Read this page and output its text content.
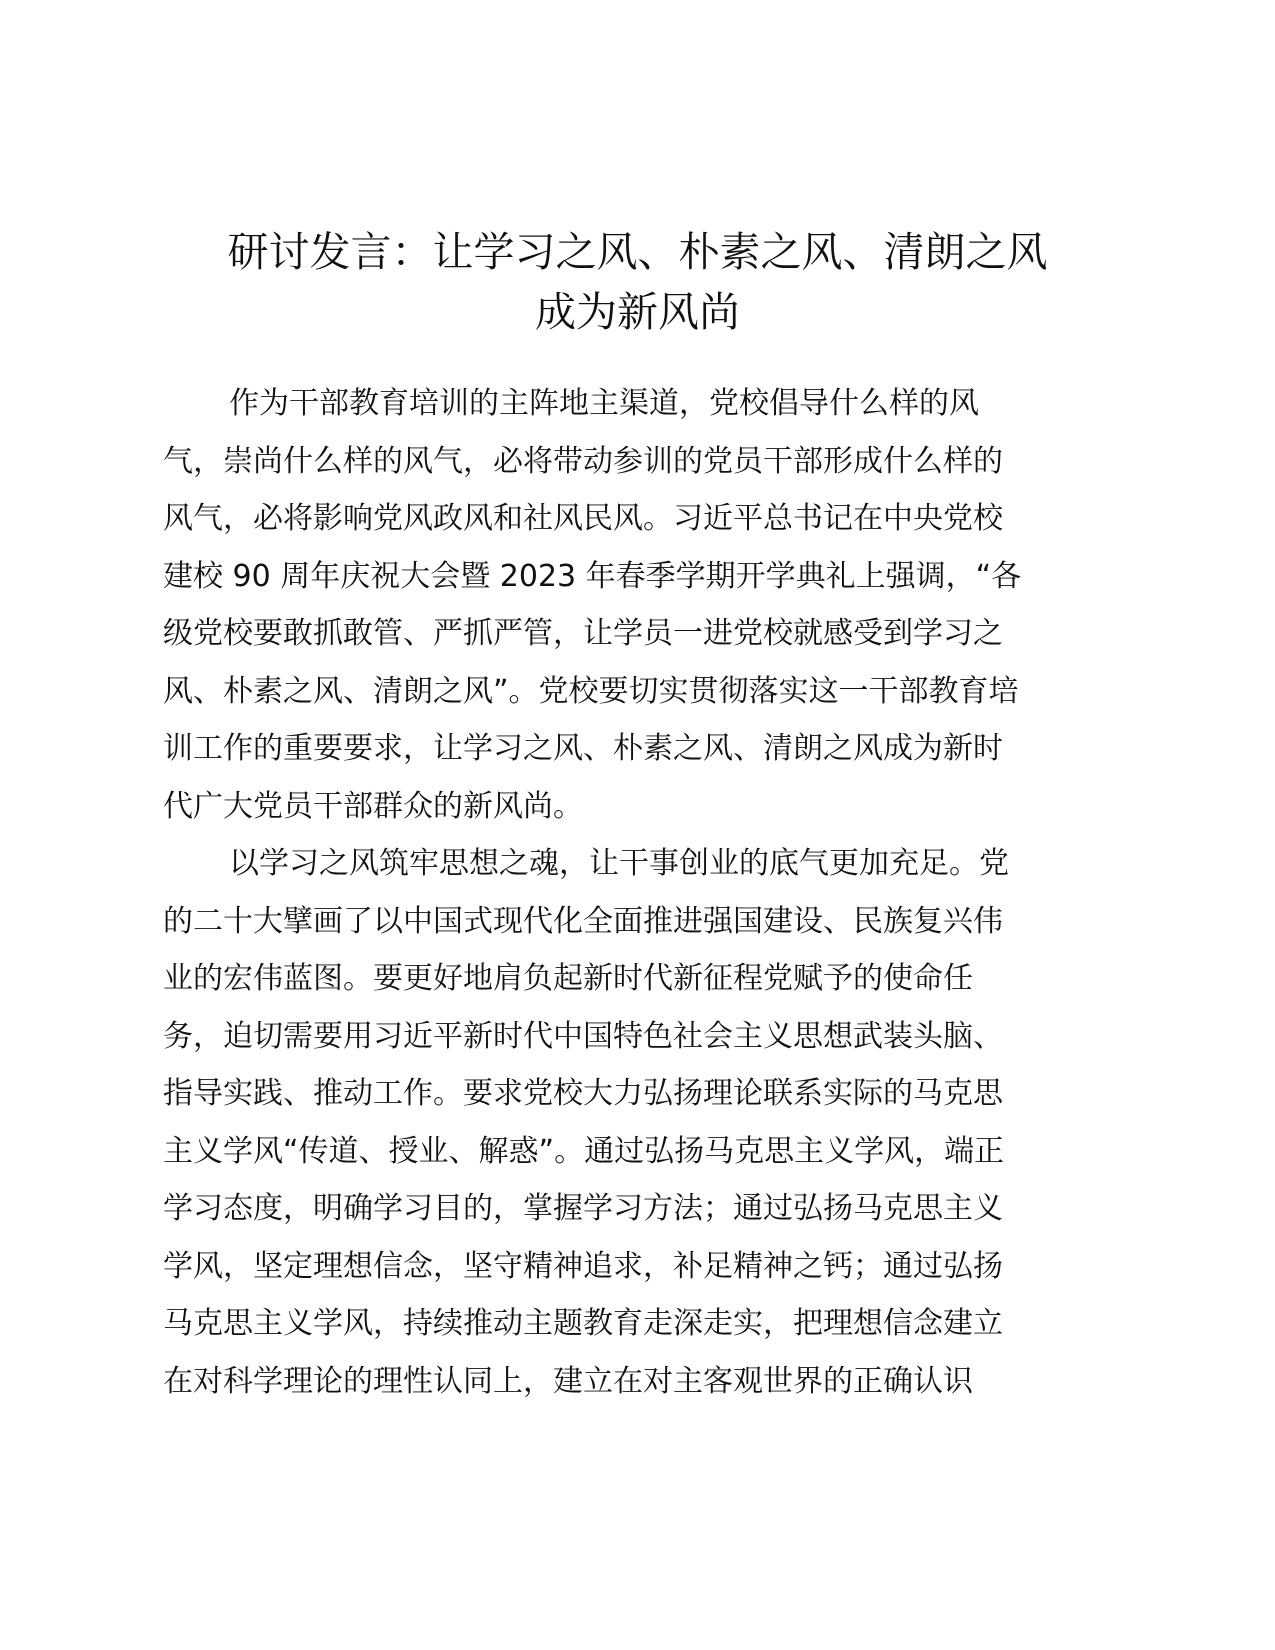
研讨发言：让学习之风、朴素之风、清朗之风
成为新风尚
作为干部教育培训的主阵地主渠道，党校倡导什么样的风
气，崇尚什么样的风气，必将带动参训的党员干部形成什么样的
风气，必将影响党风政风和社风民风。习近平总书记在中央党校
建校 90 周年庆祝大会暨 2023 年春季学期开学典礼上强调，“各
级党校要敢抓敢管、严抓严管，让学员一进党校就感受到学习之
风、朴素之风、清朗之风”。党校要切实贯彻落实这一干部教育培
训工作的重要要求，让学习之风、朴素之风、清朗之风成为新时
代广大党员干部群众的新风尚。
以学习之风筑牢思想之魂，让干事创业的底气更加充足。党
的二十大擘画了以中国式现代化全面推进强国建设、民族复兴伟
业的宏伟蓝图。要更好地肩负起新时代新征程党赋予的使命任
务，迫切需要用习近平新时代中国特色社会主义思想武装头脑、
指导实践、推动工作。要求党校大力弘扬理论联系实际的马克思
主义学风“传道、授业、解惑”。通过弘扬马克思主义学风，端正
学习态度，明确学习目的，掌握学习方法；通过弘扬马克思主义
学风，坚定理想信念，坚守精神追求，补足精神之钙；通过弘扬
马克思主义学风，持续推动主题教育走深走实，把理想信念建立
在对科学理论的理性认同上，建立在对主客观世界的正确认识
